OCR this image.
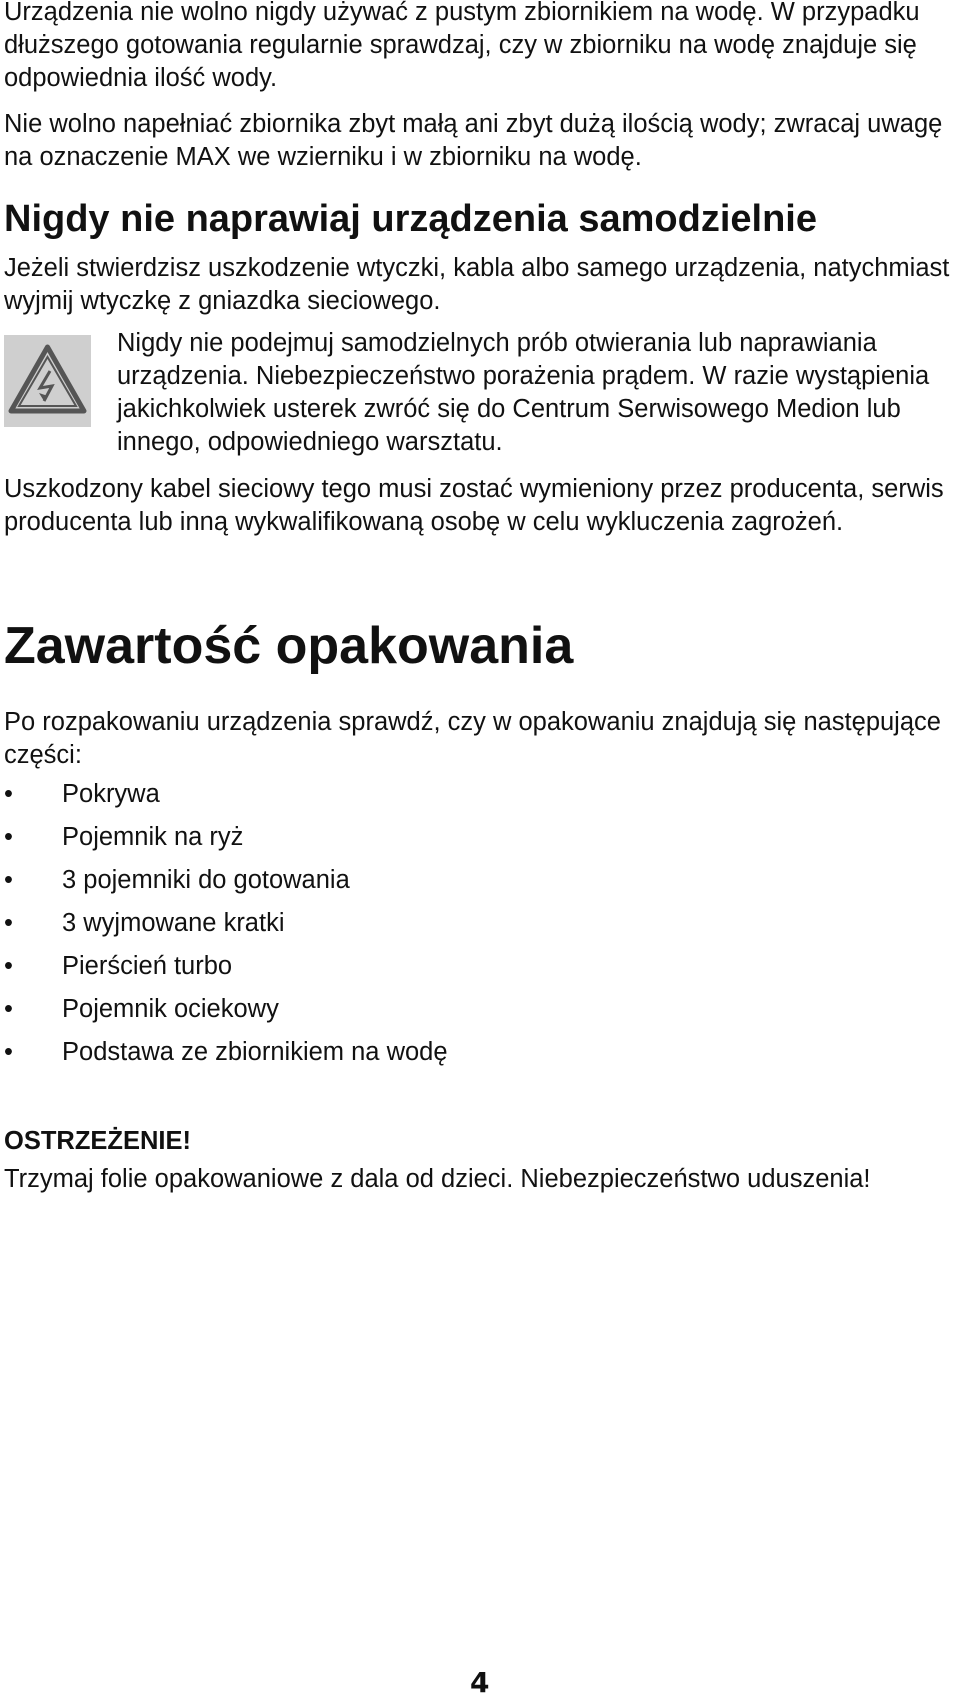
Urządzenia nie wolno nigdy używać z pustym zbiornikiem na wodę. W przypadku dłuższego gotowania regularnie sprawdzaj, czy w zbiorniku na wodę znajduje się odpowiednia ilość wody.

Nie wolno napełniać zbiornika zbyt małą ani zbyt dużą ilością wody; zwracaj uwagę na oznaczenie MAX we wzierniku i w zbiorniku na wodę.

Nigdy nie naprawiaj urządzenia samodzielnie

Jeżeli stwierdzisz uszkodzenie wtyczki, kabla albo samego urządzenia, natychmiast wyjmij wtyczkę z gniazdka sieciowego.

Nigdy nie podejmuj samodzielnych prób otwierania lub naprawiania urządzenia. Niebezpieczeństwo porażenia prądem. W razie wystąpienia jakichkolwiek usterek zwróć się do Centrum Serwisowego Medion lub innego, odpowiedniego warsztatu.

Uszkodzony kabel sieciowy tego musi zostać wymieniony przez producenta, serwis producenta lub inną wykwalifikowaną osobę w celu wykluczenia zagrożeń.

Zawartość opakowania

Po rozpakowaniu urządzenia sprawdź, czy w opakowaniu znajdują się następujące części:

•	Pokrywa
•	Pojemnik na ryż
•	3 pojemniki do gotowania
•	3 wyjmowane kratki
•	Pierścień turbo
•	Pojemnik ociekowy
•	Podstawa ze zbiornikiem na wodę

OSTRZEŻENIE!

Trzymaj folie opakowaniowe z dala od dzieci. Niebezpieczeństwo uduszenia!

4
